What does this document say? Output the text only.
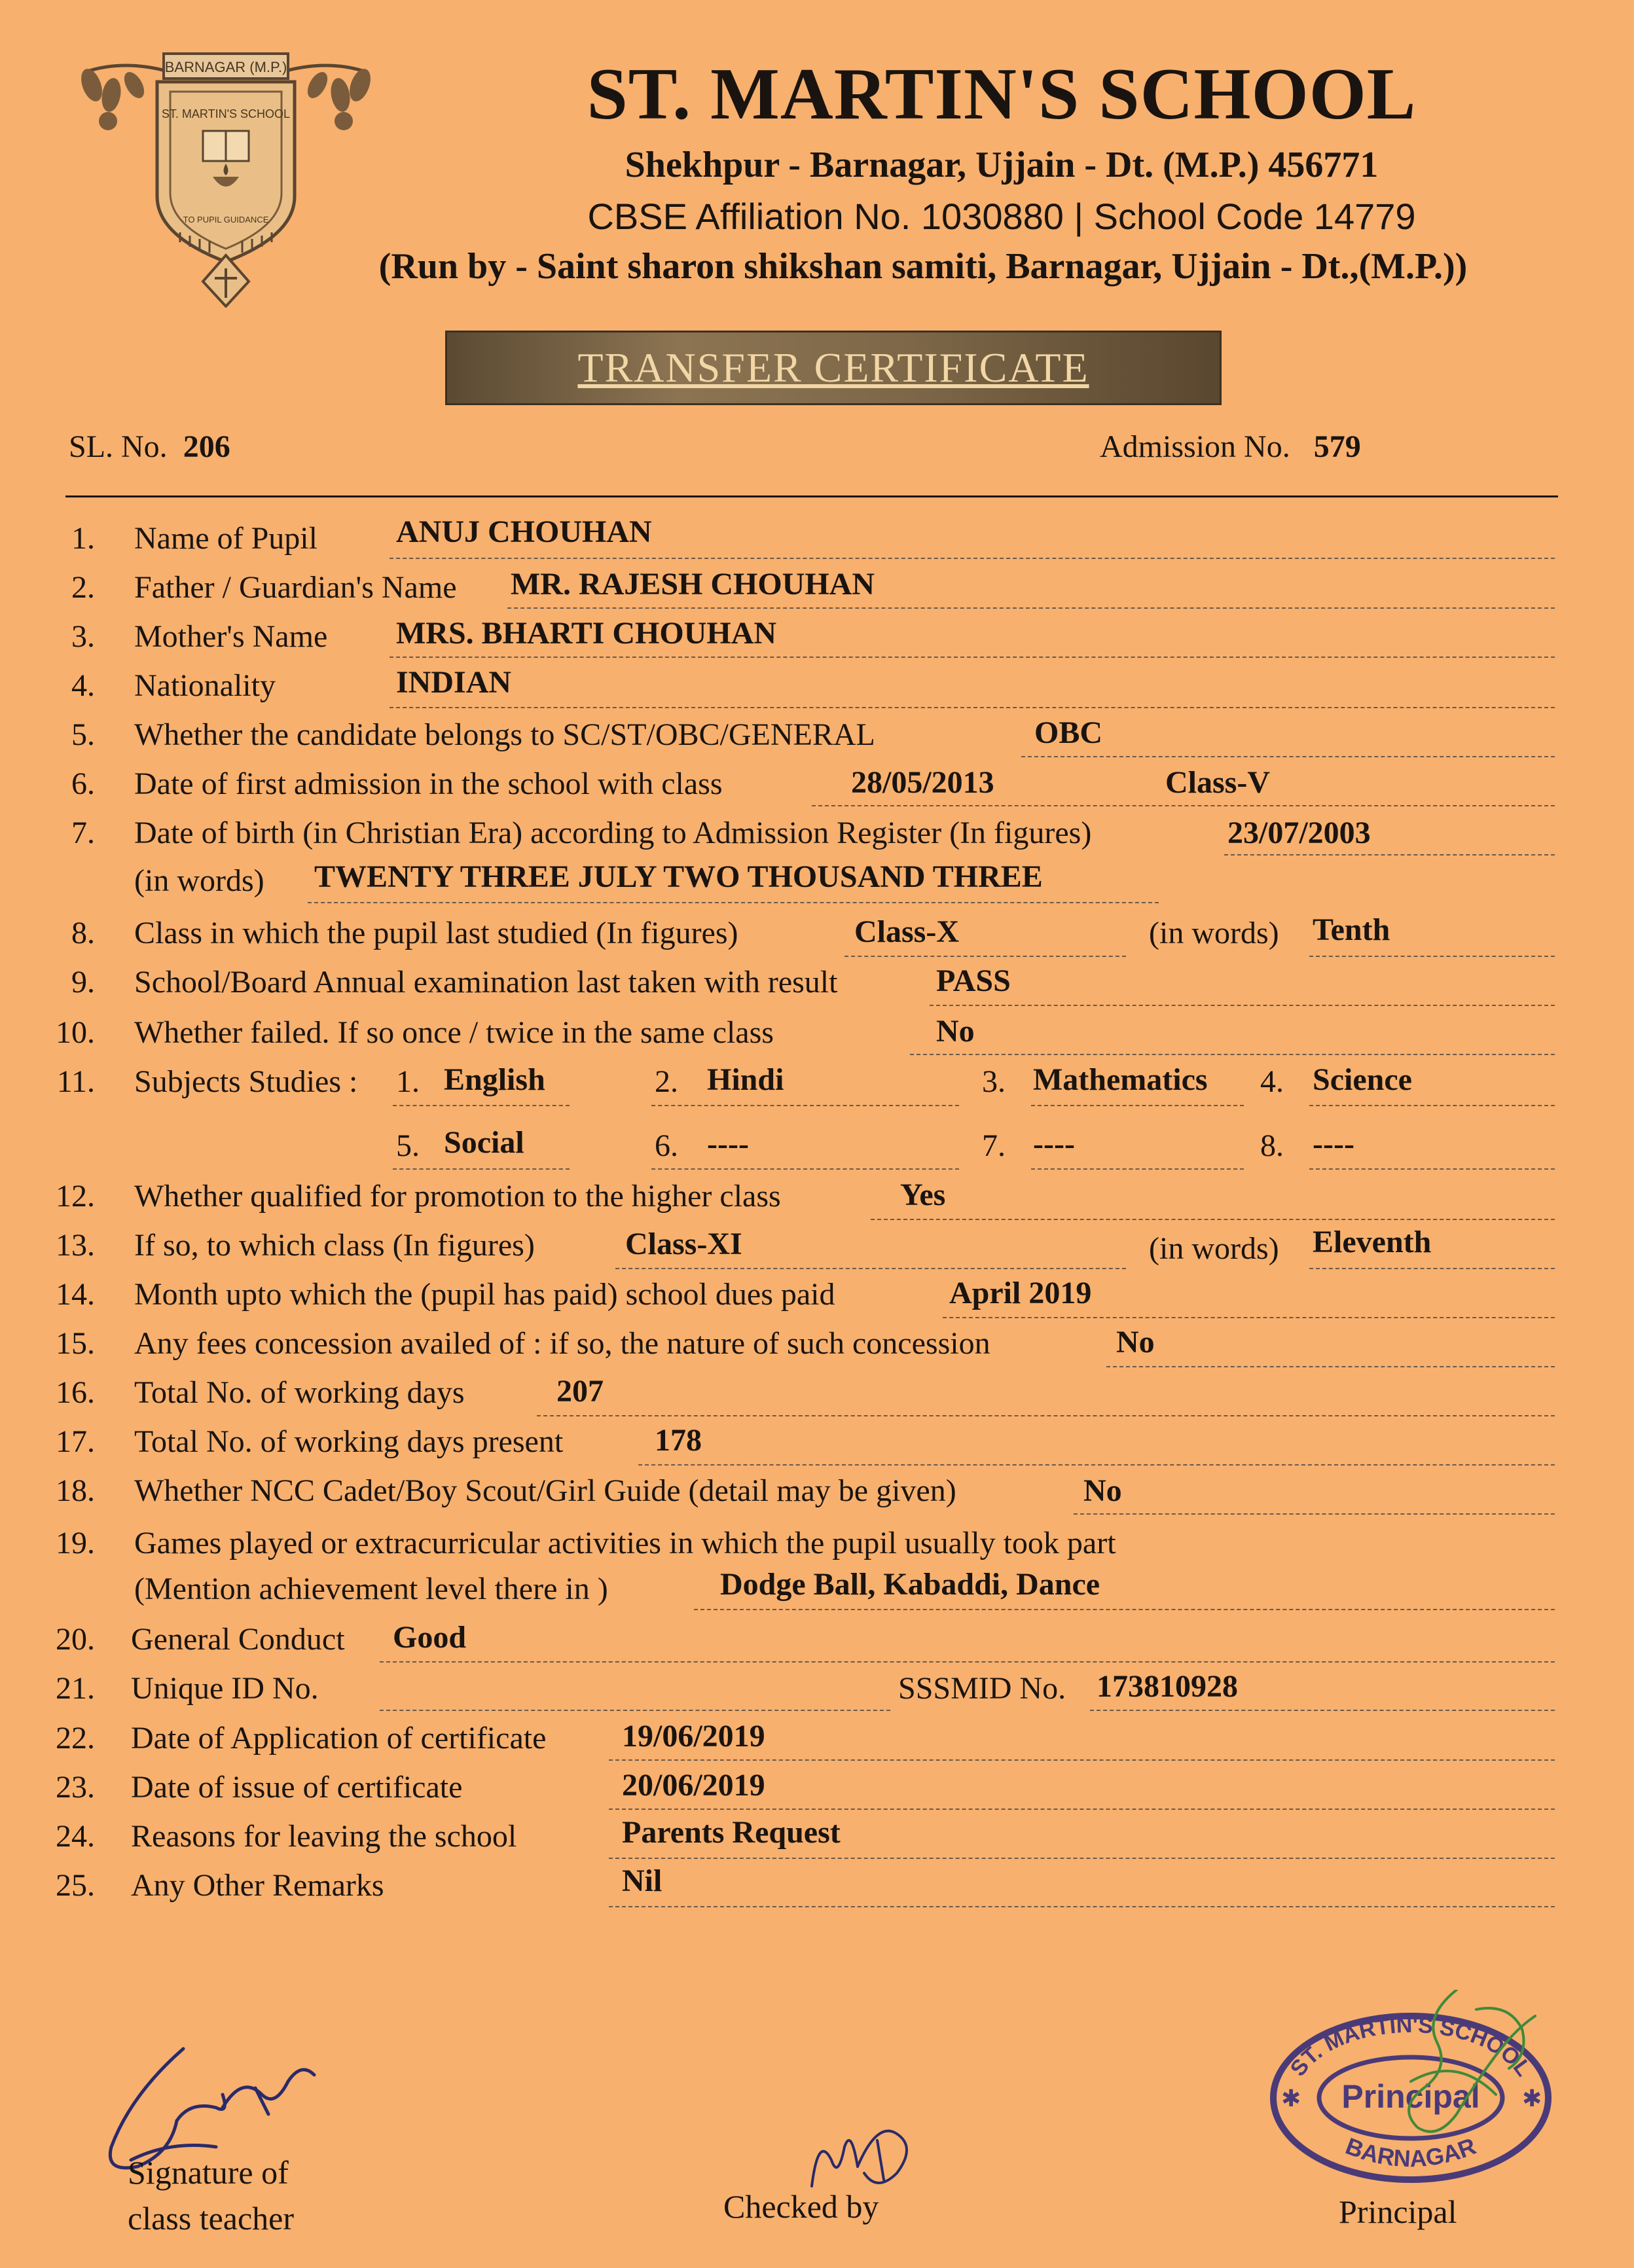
BARNAGAR (M.P.)
ST. MARTIN'S SCHOOL
TO PUPIL GUIDANCE
ST. MARTIN'S SCHOOL
Shekhpur - Barnagar, Ujjain - Dt. (M.P.) 456771
CBSE Affiliation No. 1030880 | School Code 14779
(Run by - Saint sharon shikshan samiti, Barnagar, Ujjain - Dt.,(M.P.))
TRANSFER CERTIFICATE
SL. No. 206	Admission No. 579
1. Name of Pupil	ANUJ CHOUHAN
2. Father / Guardian's Name MR. RAJESH CHOUHAN
3. Mother's Name MRS. BHARTI CHOUHAN
4. Nationality	INDIAN
5. Whether the candidate belongs to SC/ST/OBC/GENERAL	OBC
6. Date of first admission in the school with class	28/05/2013	Class-V
7. Date of birth (in Christian Era) according to Admission Register (In figures)	23/07/2003
(in words) TWENTY THREE JULY TWO THOUSAND THREE
8. Class in which the pupil last studied (In figures)	Class-X	(in words) Tenth
9. School/Board Annual examination last taken with result	PASS
10. Whether failed. If so once / twice in the same class	No
11. Subjects Studies : 1. English	2. Hindi	3. Mathematics 4. Science
5. Social	6. ----	7. ----	8. ----
12. Whether qualified for promotion to the higher class	Yes
13. If so, to which class (In figures)	Class-XI	(in words) Eleventh
14. Month upto which the (pupil has paid) school dues paid	April 2019
15. Any fees concession availed of : if so, the nature of such concession	No
16. Total No. of working days	207
17. Total No. of working days present	178
18. Whether NCC Cadet/Boy Scout/Girl Guide (detail may be given)	No
19. Games played or extracurricular activities in which the pupil usually took part
(Mention achievement level there in )	Dodge Ball, Kabaddi, Dance
20. General Conduct Good
21. Unique ID No.	SSSMID No. 173810928
22. Date of Application of certificate 19/06/2019
23. Date of issue of certificate	20/06/2019
24. Reasons for leaving the school	Parents Request
25. Any Other Remarks	Nil
Signature of
class teacher	Checked by
ST. MARTIN'S SCHOOL
Principal
BARNAGAR
✱	✱
Principal
